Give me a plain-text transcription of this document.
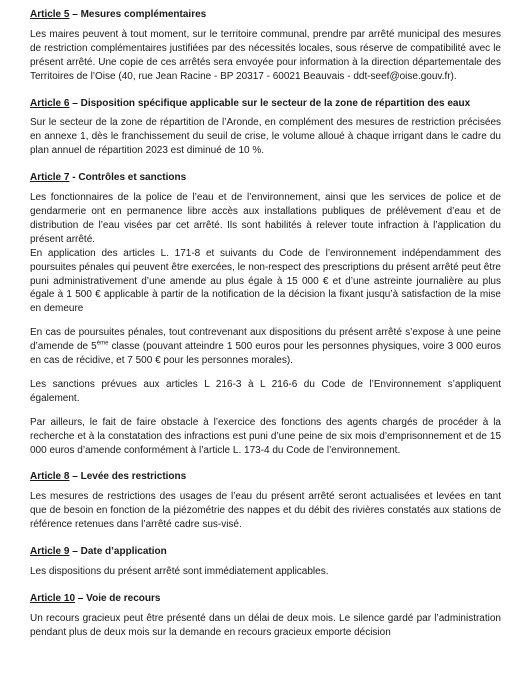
Article 5 – Mesures complémentaires

Les maires peuvent à tout moment, sur le territoire communal, prendre par arrêté municipal des mesures de restriction complémentaires justifiées par des nécessités locales, sous réserve de compatibilité avec le présent arrêté. Une copie de ces arrêtés sera envoyée pour information à la direction départementale des Territoires de l’Oise (40, rue Jean Racine - BP 20317 - 60021 Beauvais - ddt-seef@oise.gouv.fr).

Article 6 – Disposition spécifique applicable sur le secteur de la zone de répartition des eaux

Sur le secteur de la zone de répartition de l’Aronde, en complément des mesures de restriction précisées en annexe 1, dès le franchissement du seuil de crise, le volume alloué à chaque irrigant dans le cadre du plan annuel de répartition 2023 est diminué de 10 %.

Article 7 - Contrôles et sanctions

Les fonctionnaires de la police de l’eau et de l’environnement, ainsi que les services de police et de gendarmerie ont en permanence libre accès aux installations publiques de prélèvement d’eau et de distribution de l’eau visées par cet arrêté. Ils sont habilités à relever toute infraction à l’application du présent arrêté.

En application des articles L. 171-8 et suivants du Code de l’environnement indépendamment des poursuites pénales qui peuvent être exercées, le non-respect des prescriptions du présent arrêté peut être puni administrativement d’une amende au plus égale à 15 000 € et d’une astreinte journalière au plus égale à 1 500 € applicable à partir de la notification de la décision la fixant jusqu’à satisfaction de la mise en demeure

En cas de poursuites pénales, tout contrevenant aux dispositions du présent arrêté s’expose à une peine d’amende de 5ème classe (pouvant atteindre 1 500 euros pour les personnes physiques, voire 3 000 euros en cas de récidive, et 7 500 € pour les personnes morales).

Les sanctions prévues aux articles L 216-3 à L 216-6 du Code de l’Environnement s’appliquent également.

Par ailleurs, le fait de faire obstacle à l’exercice des fonctions des agents chargés de procéder à la recherche et à la constatation des infractions est puni d’une peine de six mois d’emprisonnement et de 15 000 euros d’amende conformément à l’article L. 173-4 du Code de l’environnement.

Article 8 – Levée des restrictions

Les mesures de restrictions des usages de l’eau du présent arrêté seront actualisées et levées en tant que de besoin en fonction de la piézométrie des nappes et du débit des rivières constatés aux stations de référence retenues dans l’arrêté cadre sus-visé.

Article 9 – Date d’application

Les dispositions du présent arrêté sont immédiatement applicables.

Article 10 – Voie de recours

Un recours gracieux peut être présenté dans un délai de deux mois. Le silence gardé par l’administration pendant plus de deux mois sur la demande en recours gracieux emporte décision
